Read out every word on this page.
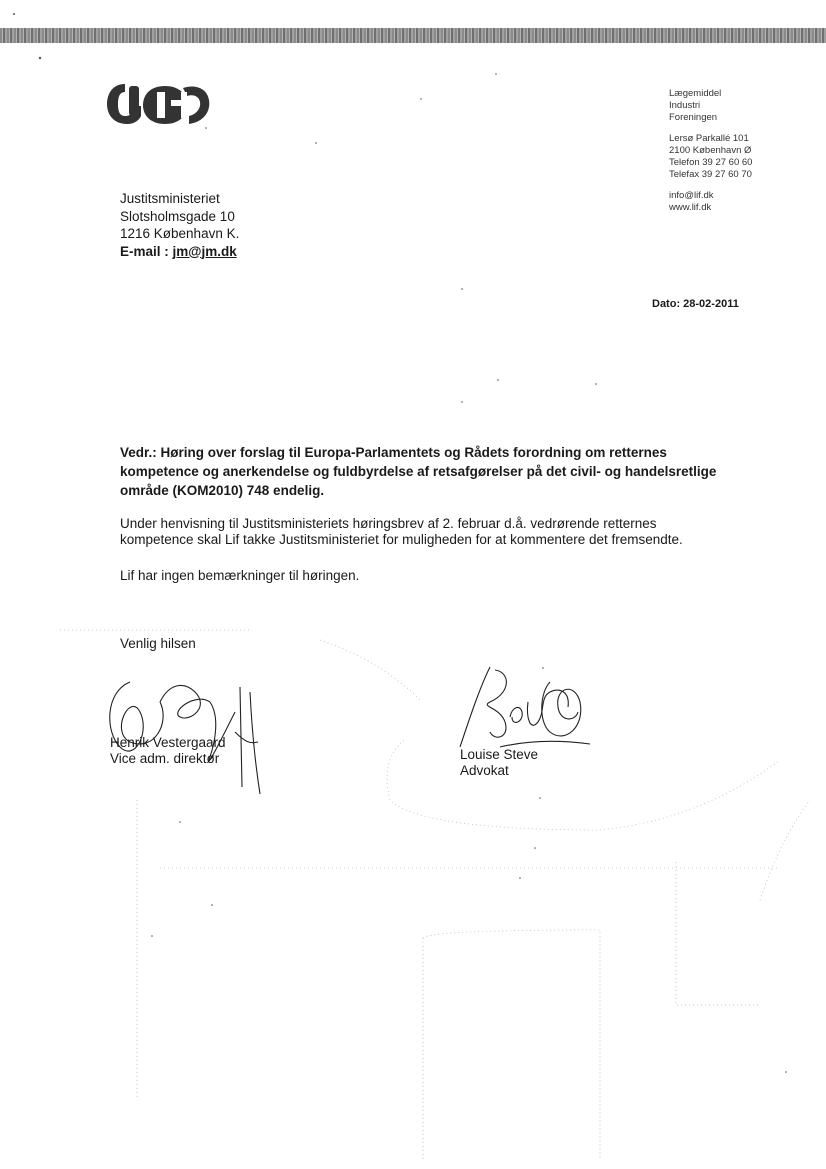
Lægemiddel
Industri
Foreningen
Lersø Parkallé 101
2100 København Ø
Telefon 39 27 60 60
Telefax 39 27 60 70
info@lif.dk
www.lif.dk
Justitsministeriet
Slotsholmsgade 10
1216 København K.
E-mail : jm@jm.dk
Dato: 28-02-2011
Vedr.: Høring over forslag til Europa-Parlamentets og Rådets forordning om retternes kompetence og anerkendelse og fuldbyrdelse af retsafgørelser på det civil- og handelsretlige område (KOM2010) 748 endelig.
Under henvisning til Justitsministeriets høringsbrev af 2. februar d.å. vedrørende retternes kompetence skal Lif takke Justitsministeriet for muligheden for at kommentere det fremsendte.
Lif har ingen bemærkninger til høringen.
Venlig hilsen
Henrik Vestergaard
Vice adm. direktør	Louise Steve
Advokat
